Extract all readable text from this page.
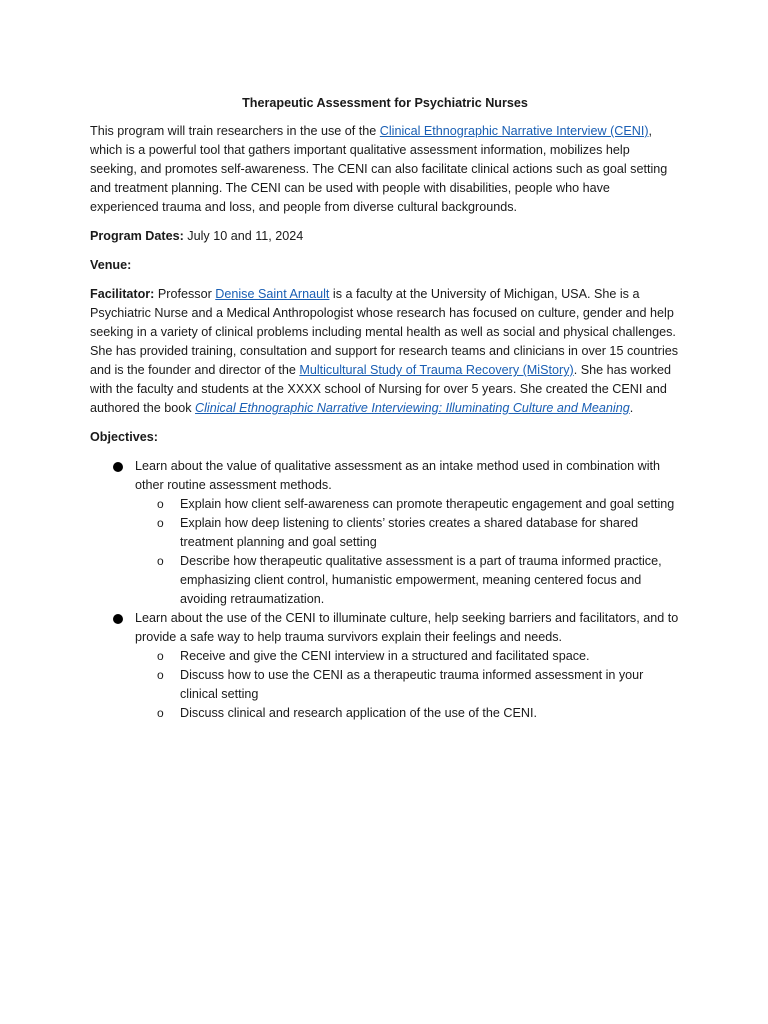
Therapeutic Assessment for Psychiatric Nurses

This program will train researchers in the use of the Clinical Ethnographic Narrative Interview (CENI), which is a powerful tool that gathers important qualitative assessment information, mobilizes help seeking, and promotes self-awareness. The CENI can also facilitate clinical actions such as goal setting and treatment planning. The CENI can be used with people with disabilities, people who have experienced trauma and loss, and people from diverse cultural backgrounds.

Program Dates: July 10 and 11, 2024

Venue:

Facilitator: Professor Denise Saint Arnault is a faculty at the University of Michigan, USA. She is a Psychiatric Nurse and a Medical Anthropologist whose research has focused on culture, gender and help seeking in a variety of clinical problems including mental health as well as social and physical challenges. She has provided training, consultation and support for research teams and clinicians in over 15 countries and is the founder and director of the Multicultural Study of Trauma Recovery (MiStory). She has worked with the faculty and students at the XXXX school of Nursing for over 5 years. She created the CENI and authored the book Clinical Ethnographic Narrative Interviewing: Illuminating Culture and Meaning.

Objectives:

Learn about the value of qualitative assessment as an intake method used in combination with other routine assessment methods.
o Explain how client self-awareness can promote therapeutic engagement and goal setting
o Explain how deep listening to clients’ stories creates a shared database for shared treatment planning and goal setting
o Describe how therapeutic qualitative assessment is a part of trauma informed practice, emphasizing client control, humanistic empowerment, meaning centered focus and avoiding retraumatization.
Learn about the use of the CENI to illuminate culture, help seeking barriers and facilitators, and to provide a safe way to help trauma survivors explain their feelings and needs.
o Receive and give the CENI interview in a structured and facilitated space.
o Discuss how to use the CENI as a therapeutic trauma informed assessment in your clinical setting
o Discuss clinical and research application of the use of the CENI.
